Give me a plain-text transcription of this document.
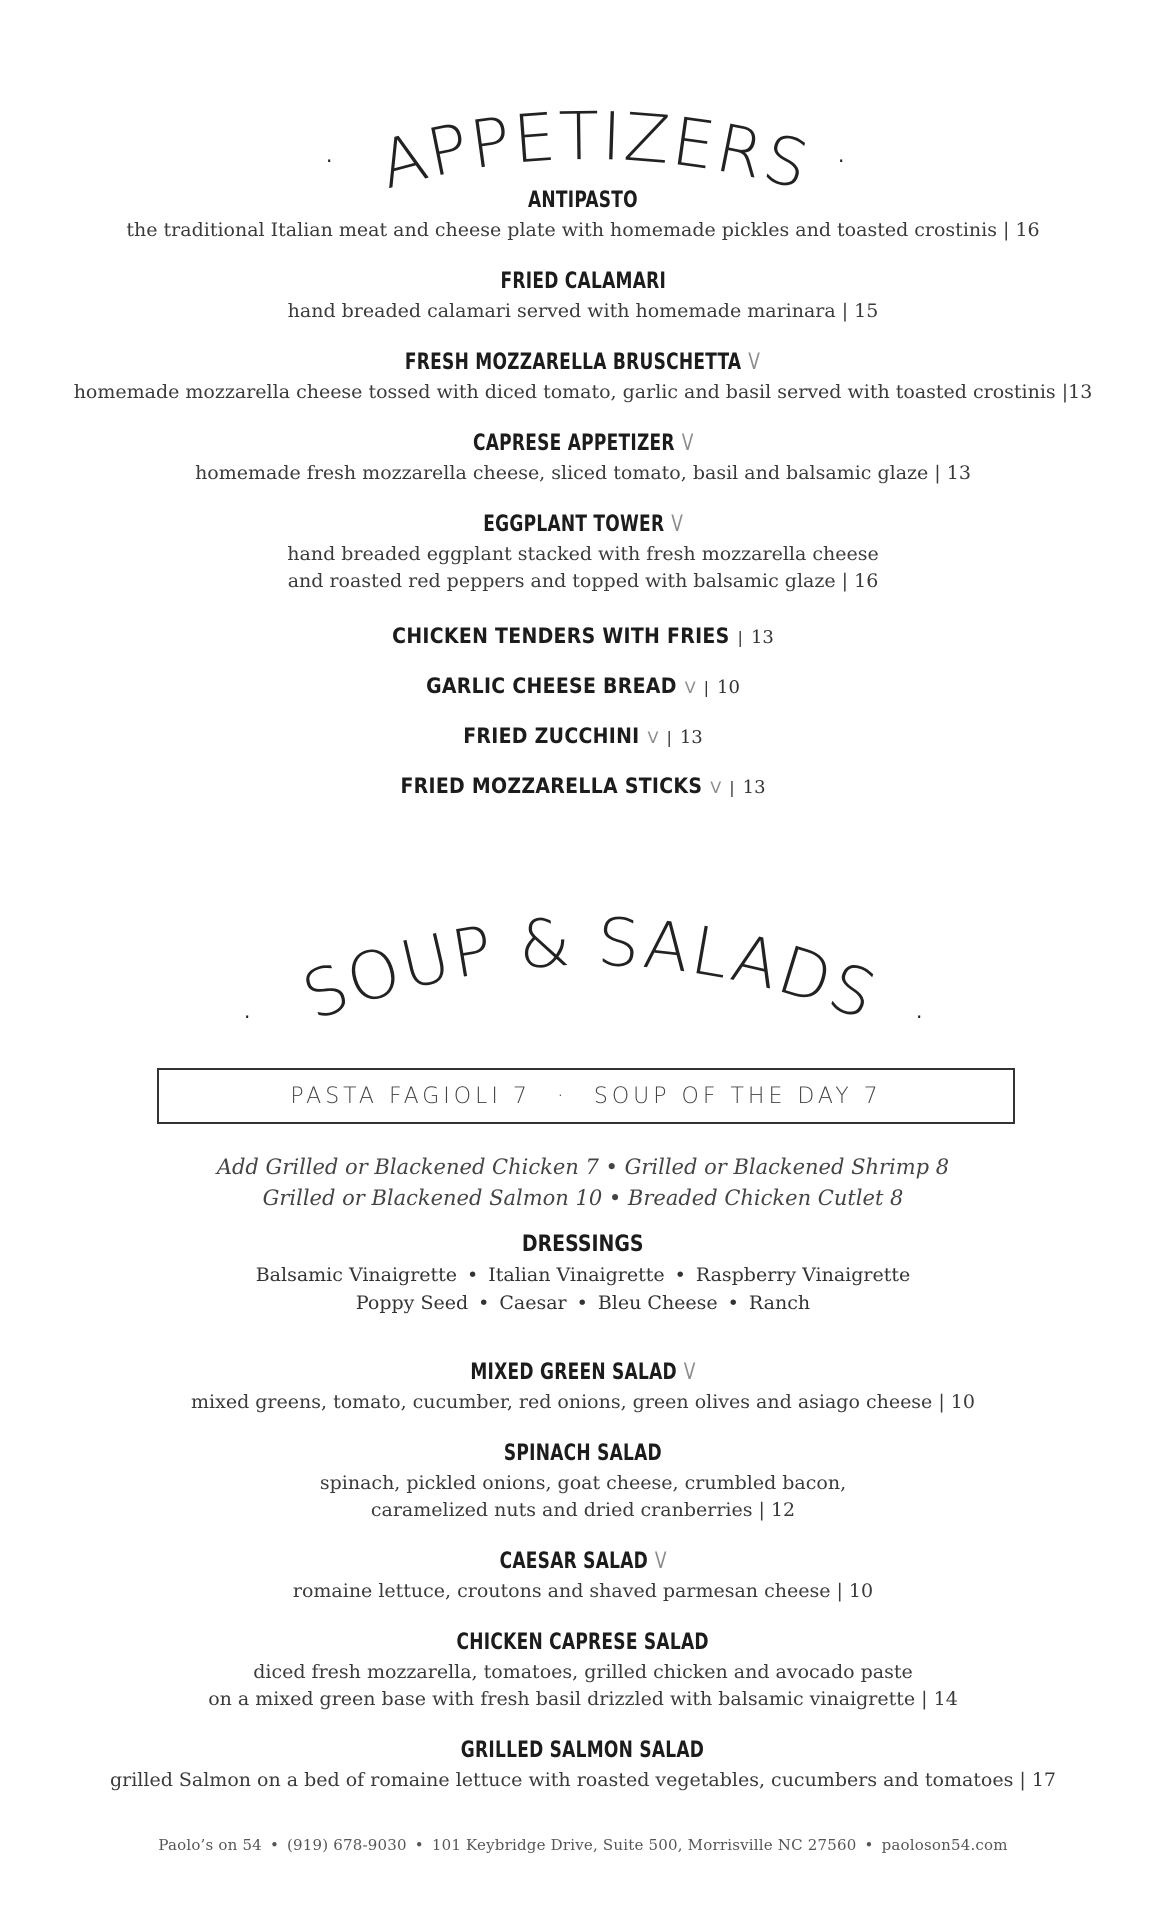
. APPETIZERS .
ANTIPASTO
the traditional Italian meat and cheese plate with homemade pickles and toasted crostinis | 16
FRIED CALAMARI
hand breaded calamari served with homemade marinara | 15
FRESH MOZZARELLA BRUSCHETTA V
homemade mozzarella cheese tossed with diced tomato, garlic and basil served with toasted crostinis |13
CAPRESE APPETIZER V
homemade fresh mozzarella cheese, sliced tomato, basil and balsamic glaze | 13
EGGPLANT TOWER V
hand breaded eggplant stacked with fresh mozzarella cheese
and roasted red peppers and topped with balsamic glaze | 16
CHICKEN TENDERS WITH FRIES | 13
GARLIC CHEESE BREAD V | 10
FRIED ZUCCHINI V | 13
FRIED MOZZARELLA STICKS V | 13
. SOUP & SALADS .
PASTA FAGIOLI 7 · SOUP OF THE DAY 7
Add Grilled or Blackened Chicken 7 • Grilled or Blackened Shrimp 8
Grilled or Blackened Salmon 10 • Breaded Chicken Cutlet 8
DRESSINGS
Balsamic Vinaigrette • Italian Vinaigrette • Raspberry Vinaigrette
Poppy Seed • Caesar • Bleu Cheese • Ranch
MIXED GREEN SALAD V
mixed greens, tomato, cucumber, red onions, green olives and asiago cheese | 10
SPINACH SALAD
spinach, pickled onions, goat cheese, crumbled bacon,
caramelized nuts and dried cranberries | 12
CAESAR SALAD V
romaine lettuce, croutons and shaved parmesan cheese | 10
CHICKEN CAPRESE SALAD
diced fresh mozzarella, tomatoes, grilled chicken and avocado paste
on a mixed green base with fresh basil drizzled with balsamic vinaigrette | 14
GRILLED SALMON SALAD
grilled Salmon on a bed of romaine lettuce with roasted vegetables, cucumbers and tomatoes | 17
Paolo’s on 54 • (919) 678-9030 • 101 Keybridge Drive, Suite 500, Morrisville NC 27560 • paoloson54.com
